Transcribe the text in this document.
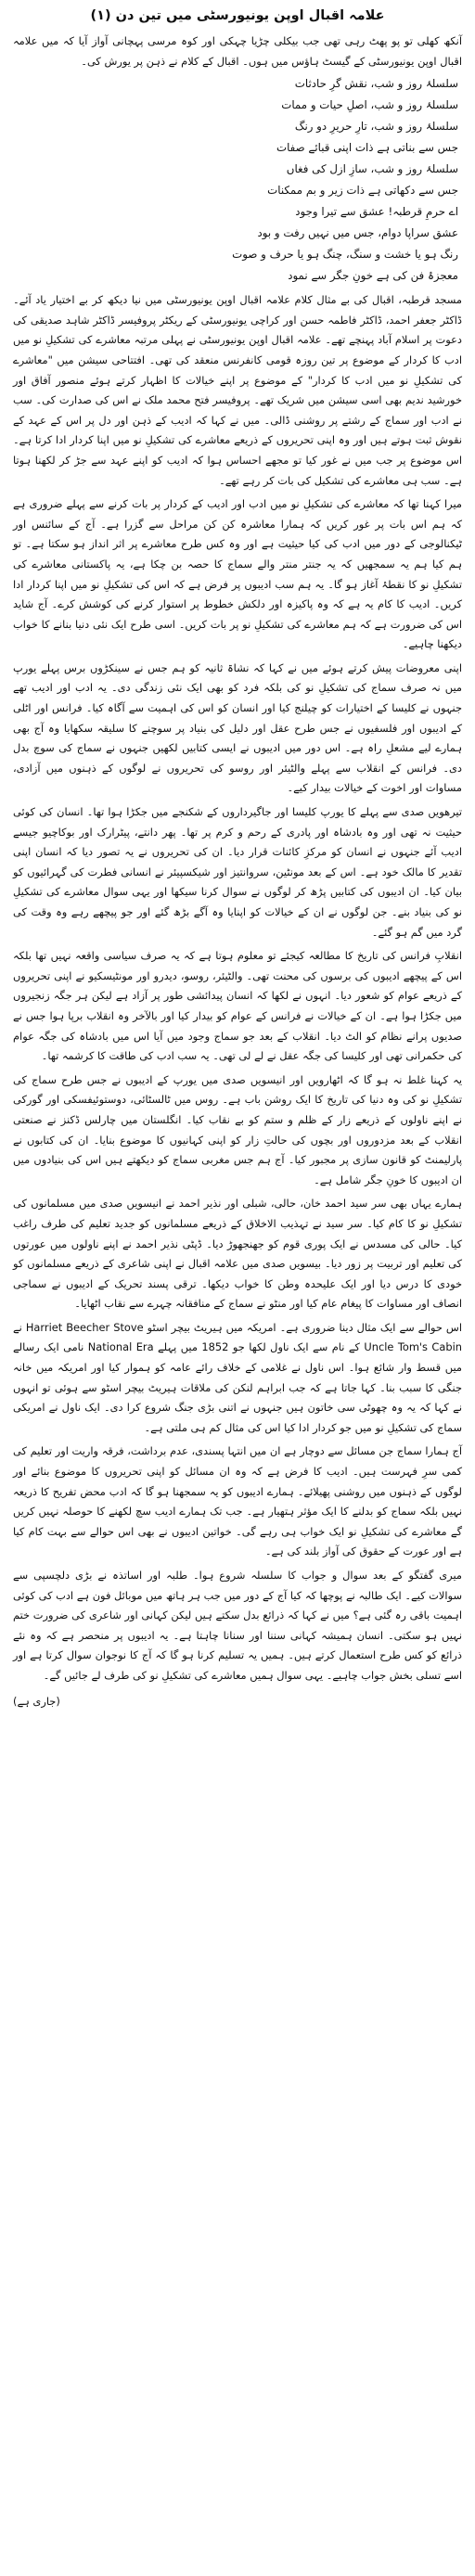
علامہ اقبال اوپن یونیورسٹی میں تین دن (۱)

آنکھ کھلی تو پو پھٹ رہی تھی جب بیکلی چڑیا چہکی اور کوہ مرسی پہچانی آواز آیا کہ میں علامہ اقبال اوپن یونیورسٹی کے گیسٹ ہاؤس میں ہوں۔ اقبال کے کلام نے ذہن پر یورش کی۔

سلسلۂ روز و شب، نقش گرِ حادثات
سلسلۂ روز و شب، اصلِ حیات و ممات
سلسلۂ روز و شب، تارِ حریرِ دو رنگ
جس سے بناتی ہے ذات اپنی قبائے صفات
سلسلۂ روز و شب، سازِ ازل کی فغاں
جس سے دکھاتی ہے ذات زیر و بم ممکنات
اے حرمِ قرطبہ! عشق سے تیرا وجود
عشق سراپا دوام، جس میں نہیں رفت و بود
رنگ ہو یا خشت و سنگ، چنگ ہو یا حرف و صوت
معجزۂ فن کی ہے خونِ جگر سے نمود

مسجد قرطبہ، اقبال کی بے مثال کلام علامہ اقبال اوپن یونیورسٹی میں نیا دیکھ کر بے اختیار یاد آئے۔ ڈاکٹر جعفر احمد، ڈاکٹر فاطمہ حسن اور کراچی یونیورسٹی کے ریکٹر پروفیسر ڈاکٹر شاہد صدیقی کی دعوت پر اسلام آباد پہنچے تھے۔ علامہ اقبال اوپن یونیورسٹی نے پہلی مرتبہ معاشرے کی تشکیلِ نو میں ادب کا کردار کے موضوع پر تین روزہ قومی کانفرنس منعقد کی تھی۔ افتتاحی سیشن میں "معاشرے کی تشکیلِ نو میں ادب کا کردار" کے موضوع پر اپنے خیالات کا اظہار کرتے ہوئے منصور آفاق اور خورشید ندیم بھی اسی سیشن میں شریک تھے۔ پروفیسر فتح محمد ملک نے اس کی صدارت کی۔ سب نے ادب اور سماج کے رشتے پر روشنی ڈالی۔ میں نے کہا کہ ادیب کے ذہن اور دل پر اس کے عہد کے نقوش ثبت ہوتے ہیں اور وہ اپنی تحریروں کے ذریعے معاشرے کی تشکیلِ نو میں اپنا کردار ادا کرتا ہے۔ اس موضوع پر جب میں نے غور کیا تو مجھے احساس ہوا کہ ادیب کو اپنے عہد سے جڑ کر لکھنا ہوتا ہے۔ سب ہی معاشرے کی تشکیل کی بات کر رہے تھے۔

میرا کہنا تھا کہ معاشرے کی تشکیلِ نو میں ادب اور ادیب کے کردار پر بات کرنے سے پہلے ضروری ہے کہ ہم اس بات پر غور کریں کہ ہمارا معاشرہ کن کن مراحل سے گزرا ہے۔ آج کے سائنس اور ٹیکنالوجی کے دور میں ادب کی کیا حیثیت ہے اور وہ کس طرح معاشرے پر اثر انداز ہو سکتا ہے۔ تو ہم کیا ہم یہ سمجھیں کہ یہ جنتر منتر والے سماج کا حصہ بن چکا ہے، یہ پاکستانی معاشرے کی تشکیلِ نو کا نقطۂ آغاز ہو گا۔ یہ ہم سب ادیبوں پر فرض ہے کہ اس کی تشکیلِ نو میں اپنا کردار ادا کریں۔ ادیب کا کام یہ ہے کہ وہ پاکیزہ اور دلکش خطوط پر استوار کرنے کی کوشش کرے۔ آج شاید اس کی ضرورت ہے کہ ہم معاشرے کی تشکیلِ نو پر بات کریں۔ اسی طرح ایک نئی دنیا بنانے کا خواب دیکھنا چاہیے۔

اپنی معروضات پیش کرتے ہوئے میں نے کہا کہ نشاۃ ثانیہ کو ہم جس نے سینکڑوں برس پہلے یورپ میں نہ صرف سماج کی تشکیلِ نو کی بلکہ فرد کو بھی ایک نئی زندگی دی۔ یہ ادب اور ادیب تھے جنہوں نے کلیسا کے اختیارات کو چیلنج کیا اور انسان کو اس کی اہمیت سے آگاہ کیا۔ فرانس اور اٹلی کے ادیبوں اور فلسفیوں نے جس طرح عقل اور دلیل کی بنیاد پر سوچنے کا سلیقہ سکھایا وہ آج بھی ہمارے لیے مشعلِ راہ ہے۔ اس دور میں ادیبوں نے ایسی کتابیں لکھیں جنہوں نے سماج کی سوچ بدل دی۔ فرانس کے انقلاب سے پہلے والٹیئر اور روسو کی تحریروں نے لوگوں کے ذہنوں میں آزادی، مساوات اور اخوت کے خیالات بیدار کیے۔

تیرھویں صدی سے پہلے کا یورپ کلیسا اور جاگیرداروں کے شکنجے میں جکڑا ہوا تھا۔ انسان کی کوئی حیثیت نہ تھی اور وہ بادشاہ اور پادری کے رحم و کرم پر تھا۔ پھر دانتے، پیٹرارک اور بوکاچیو جیسے ادیب آئے جنہوں نے انسان کو مرکزِ کائنات قرار دیا۔ ان کی تحریروں نے یہ تصور دیا کہ انسان اپنی تقدیر کا مالک خود ہے۔ اس کے بعد مونٹین، سروانتیز اور شیکسپیئر نے انسانی فطرت کی گہرائیوں کو بیان کیا۔ ان ادیبوں کی کتابیں پڑھ کر لوگوں نے سوال کرنا سیکھا اور یہی سوال معاشرے کی تشکیلِ نو کی بنیاد بنے۔ جن لوگوں نے ان کے خیالات کو اپنایا وہ آگے بڑھ گئے اور جو پیچھے رہے وہ وقت کی گرد میں گم ہو گئے۔

انقلابِ فرانس کی تاریخ کا مطالعہ کیجئے تو معلوم ہوتا ہے کہ یہ صرف سیاسی واقعہ نہیں تھا بلکہ اس کے پیچھے ادیبوں کی برسوں کی محنت تھی۔ والٹیئر، روسو، دیدرو اور مونٹیسکیو نے اپنی تحریروں کے ذریعے عوام کو شعور دیا۔ انہوں نے لکھا کہ انسان پیدائشی طور پر آزاد ہے لیکن ہر جگہ زنجیروں میں جکڑا ہوا ہے۔ ان کے خیالات نے فرانس کے عوام کو بیدار کیا اور بالآخر وہ انقلاب برپا ہوا جس نے صدیوں پرانے نظام کو الٹ دیا۔ انقلاب کے بعد جو سماج وجود میں آیا اس میں بادشاہ کی جگہ عوام کی حکمرانی تھی اور کلیسا کی جگہ عقل نے لے لی تھی۔ یہ سب ادب کی طاقت کا کرشمہ تھا۔

یہ کہنا غلط نہ ہو گا کہ اٹھارویں اور انیسویں صدی میں یورپ کے ادیبوں نے جس طرح سماج کی تشکیلِ نو کی وہ دنیا کی تاریخ کا ایک روشن باب ہے۔ روس میں ٹالسٹائی، دوستوئیفسکی اور گورکی نے اپنے ناولوں کے ذریعے زار کے ظلم و ستم کو بے نقاب کیا۔ انگلستان میں چارلس ڈکنز نے صنعتی انقلاب کے بعد مزدوروں اور بچوں کی حالتِ زار کو اپنی کہانیوں کا موضوع بنایا۔ ان کی کتابوں نے پارلیمنٹ کو قانون سازی پر مجبور کیا۔ آج ہم جس مغربی سماج کو دیکھتے ہیں اس کی بنیادوں میں ان ادیبوں کا خونِ جگر شامل ہے۔

ہمارے یہاں بھی سر سید احمد خان، حالی، شبلی اور نذیر احمد نے انیسویں صدی میں مسلمانوں کی تشکیلِ نو کا کام کیا۔ سر سید نے تہذیب الاخلاق کے ذریعے مسلمانوں کو جدید تعلیم کی طرف راغب کیا۔ حالی کی مسدس نے ایک پوری قوم کو جھنجھوڑ دیا۔ ڈپٹی نذیر احمد نے اپنے ناولوں میں عورتوں کی تعلیم اور تربیت پر زور دیا۔ بیسویں صدی میں علامہ اقبال نے اپنی شاعری کے ذریعے مسلمانوں کو خودی کا درس دیا اور ایک علیحدہ وطن کا خواب دیکھا۔ ترقی پسند تحریک کے ادیبوں نے سماجی انصاف اور مساوات کا پیغام عام کیا اور منٹو نے سماج کے منافقانہ چہرے سے نقاب اٹھایا۔

اس حوالے سے ایک مثال دینا ضروری ہے۔ امریکہ میں ہیریٹ بیچر اسٹو Harriet Beecher Stove نے Uncle Tom's Cabin کے نام سے ایک ناول لکھا جو 1852 میں پہلے National Era نامی ایک رسالے میں قسط وار شائع ہوا۔ اس ناول نے غلامی کے خلاف رائے عامہ کو ہموار کیا اور امریکہ میں خانہ جنگی کا سبب بنا۔ کہا جاتا ہے کہ جب ابراہم لنکن کی ملاقات ہیریٹ بیچر اسٹو سے ہوئی تو انہوں نے کہا کہ یہ وہ چھوٹی سی خاتون ہیں جنہوں نے اتنی بڑی جنگ شروع کرا دی۔ ایک ناول نے امریکی سماج کی تشکیلِ نو میں جو کردار ادا کیا اس کی مثال کم ہی ملتی ہے۔

آج ہمارا سماج جن مسائل سے دوچار ہے ان میں انتہا پسندی، عدم برداشت، فرقہ واریت اور تعلیم کی کمی سرِ فہرست ہیں۔ ادیب کا فرض ہے کہ وہ ان مسائل کو اپنی تحریروں کا موضوع بنائے اور لوگوں کے ذہنوں میں روشنی پھیلائے۔ ہمارے ادیبوں کو یہ سمجھنا ہو گا کہ ادب محض تفریح کا ذریعہ نہیں بلکہ سماج کو بدلنے کا ایک مؤثر ہتھیار ہے۔ جب تک ہمارے ادیب سچ لکھنے کا حوصلہ نہیں کریں گے معاشرے کی تشکیلِ نو ایک خواب ہی رہے گی۔ خواتین ادیبوں نے بھی اس حوالے سے بہت کام کیا ہے اور عورت کے حقوق کی آواز بلند کی ہے۔

میری گفتگو کے بعد سوال و جواب کا سلسلہ شروع ہوا۔ طلبہ اور اساتذہ نے بڑی دلچسپی سے سوالات کیے۔ ایک طالبہ نے پوچھا کہ کیا آج کے دور میں جب ہر ہاتھ میں موبائل فون ہے ادب کی کوئی اہمیت باقی رہ گئی ہے؟ میں نے کہا کہ ذرائع بدل سکتے ہیں لیکن کہانی اور شاعری کی ضرورت ختم نہیں ہو سکتی۔ انسان ہمیشہ کہانی سننا اور سنانا چاہتا ہے۔ یہ ادیبوں پر منحصر ہے کہ وہ نئے ذرائع کو کس طرح استعمال کرتے ہیں۔ ہمیں یہ تسلیم کرنا ہو گا کہ آج کا نوجوان سوال کرتا ہے اور اسے تسلی بخش جواب چاہیے۔ یہی سوال ہمیں معاشرے کی تشکیلِ نو کی طرف لے جائیں گے۔

(جاری ہے)
